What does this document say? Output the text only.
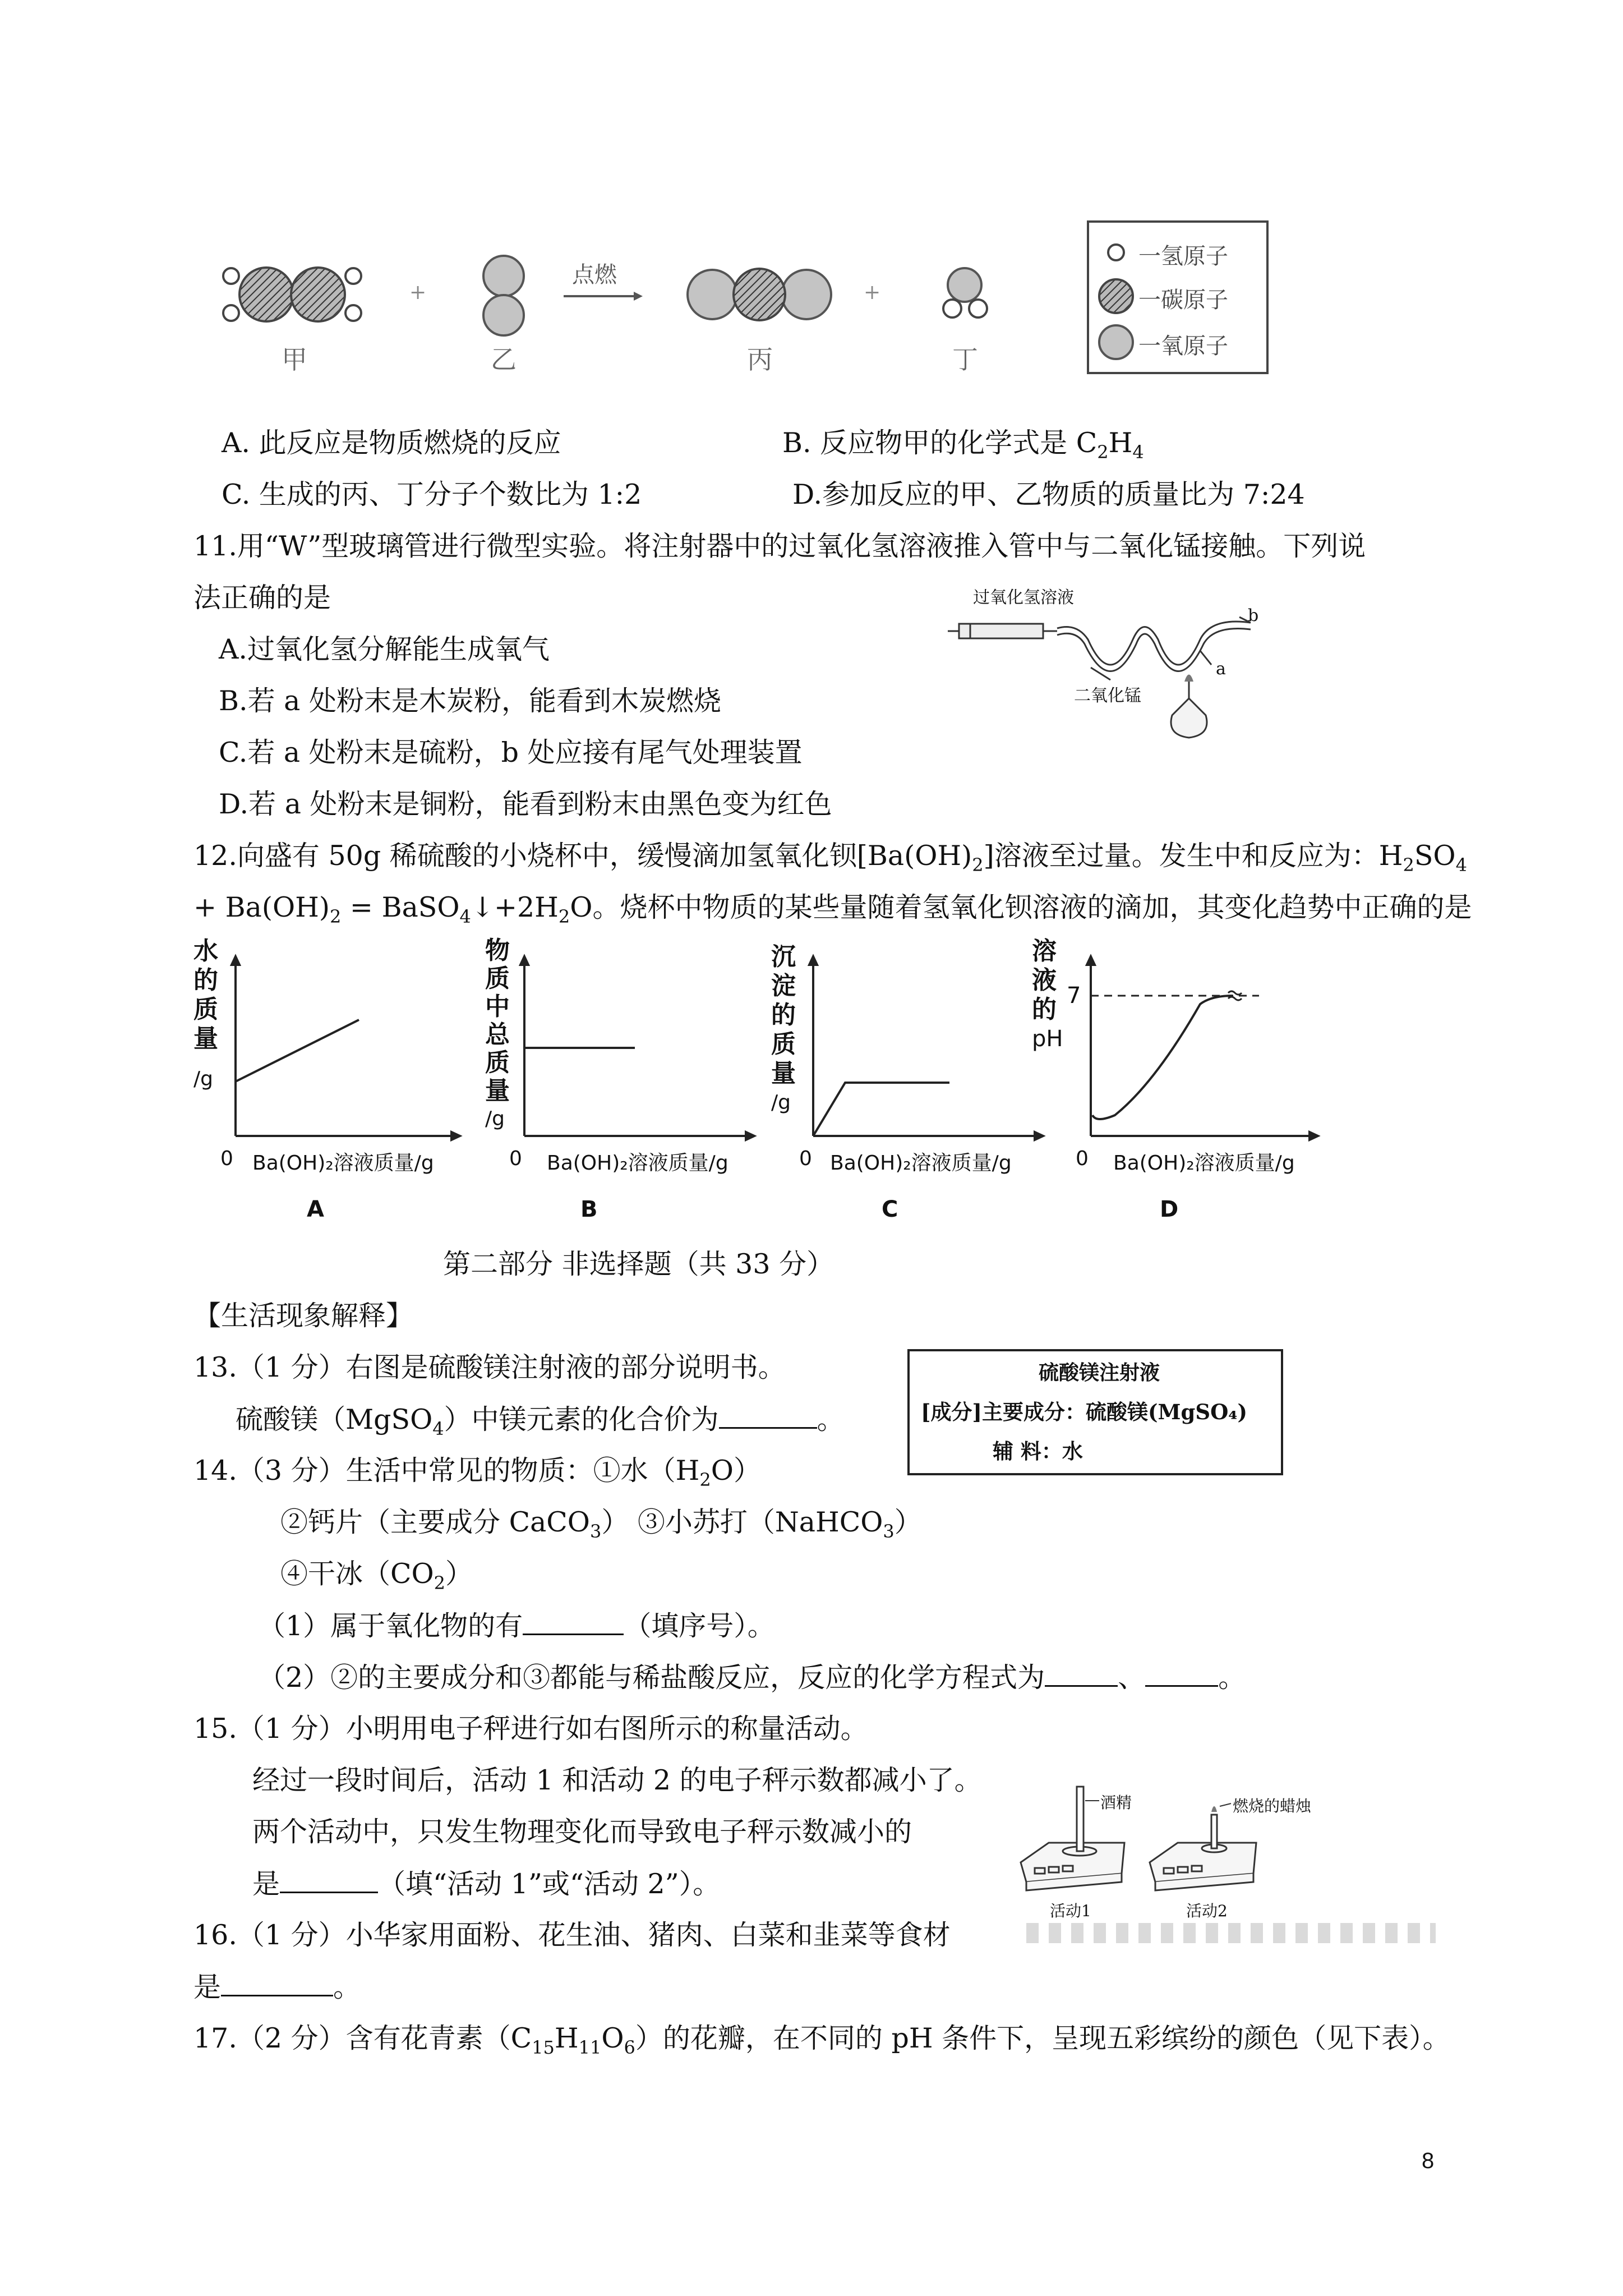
+	+
点燃
甲	乙	丙	丁
一氢原子
一碳原子
一氧原子
A. 此反应是物质燃烧的反应	B. 反应物甲的化学式是 $C_2H_4$
C. 生成的丙、丁分子个数比为 1:2	D.参加反应的甲、乙物质的质量比为 7:24
11.用“W”型玻璃管进行微型实验。将注射器中的过氧化氢溶液推入管中与二氧化锰接触。下列说
法正确的是
A.过氧化氢分解能生成氧气
B.若 a 处粉末是木炭粉，能看到木炭燃烧
C.若 a 处粉末是硫粉，b 处应接有尾气处理装置
D.若 a 处粉末是铜粉，能看到粉末由黑色变为红色
过氧化氢溶液
二氧化锰
a
b
12.向盛有 50g 稀硫酸的小烧杯中，缓慢滴加氢氧化钡$[Ba(OH)_2]$溶液至过量。发生中和反应为：$H_2SO_4$
+ $Ba(OH)_2$ = $BaSO_4↓+2H_2O$。烧杯中物质的某些量随着氢氧化钡溶液的滴加，其变化趋势中正确的是
水
的
质
量
/g
0 Ba(OH)₂溶液质量/g
A
物
质
中
总
质
量
/g
0 Ba(OH)₂溶液质量/g
B
沉
淀
的
质
量
/g
0 Ba(OH)₂溶液质量/g
C
溶
液
的
pH
7
0 Ba(OH)₂溶液质量/g
D
第二部分 非选择题（共 33 分）
【生活现象解释】
13.（1 分）右图是硫酸镁注射液的部分说明书。
硫酸镁（MgSO$_4$）中镁元素的化合价为	。
硫酸镁注射液
[成分]主要成分：硫酸镁(MgSO₄)
辅 料：水
14.（3 分）生活中常见的物质：①水$(H_2O)$
②钙片（主要成分 CaCO$_3$） ③小苏打（NaHCO$_3$）
④干冰$(CO_2)$
（1）属于氧化物的有	（填序号）。
（2）②的主要成分和③都能与稀盐酸反应，反应的化学方程式为	、	。
15.（1 分）小明用电子秤进行如右图所示的称量活动。
经过一段时间后，活动 1 和活动 2 的电子秤示数都减小了。
两个活动中，只发生物理变化而导致电子秤示数减小的
是	（填“活动 1”或“活动 2”）。
酒精	燃烧的蜡烛
活动1	活动2
16.（1 分）小华家用面粉、花生油、猪肉、白菜和韭菜等食材
是	。
17.（2 分）含有花青素$(C_{15}H_{11}O_6)$的花瓣，在不同的 pH 条件下，呈现五彩缤纷的颜色（见下表）。
8
